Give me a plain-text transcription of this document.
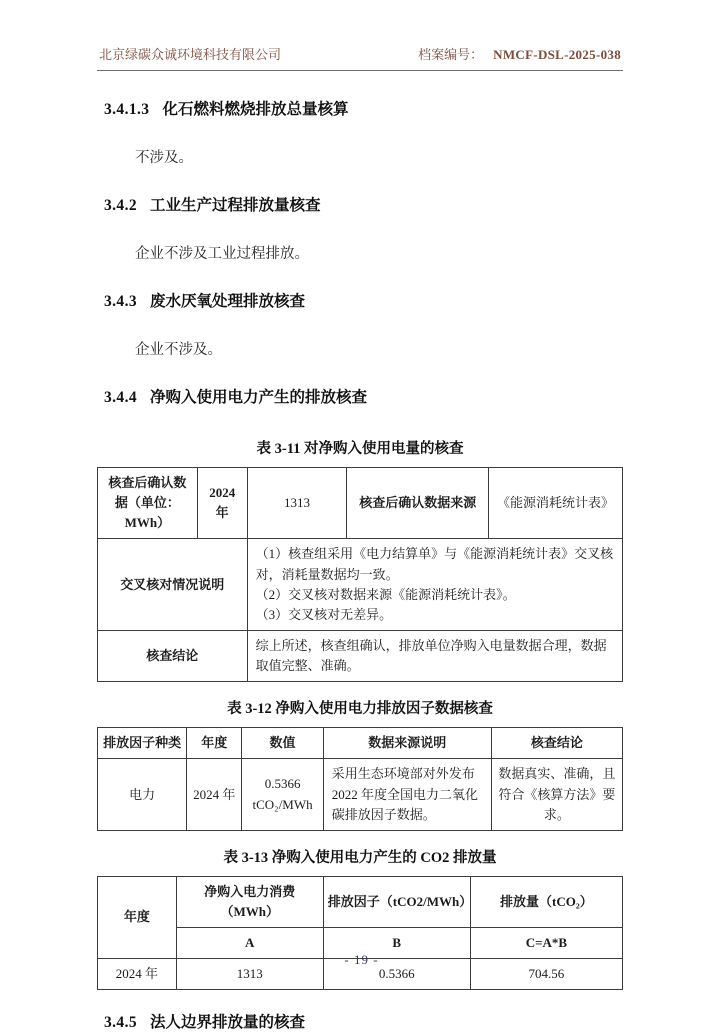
北京绿碳众诚环境科技有限公司	档案编号： NMCF-DSL-2025-038
3.4.1.3 化石燃料燃烧排放总量核算
不涉及。
3.4.2 工业生产过程排放量核查
企业不涉及工业过程排放。
3.4.3 废水厌氧处理排放核查
企业不涉及。
3.4.4 净购入使用电力产生的排放核查
表 3-11 对净购入使用电量的核查
核查后确认数据（单位：MWh）	2024 年	1313	核查后确认数据来源	《能源消耗统计表》
交叉核对情况说明		（1）核查组采用《电力结算单》与《能源消耗统计表》交叉核对，消耗量数据均一致。
（2）交叉核对数据来源《能源消耗统计表》。
（3）交叉核对无差异。		

核查结论		综上所述，核查组确认，排放单位净购入电量数据合理，数据取值完整、准确。		
表 3-12 净购入使用电力排放因子数据核查
排放因子种类	年度	数值	数据来源说明	核查结论
电力	2024 年	0.5366 tCO₂/MWh	采用生态环境部对外发布 2022 年度全国电力二氧化碳排放因子数据。	数据真实、准确，且符合《核算方法》要求。
表 3-13 净购入使用电力产生的 CO2 排放量
年度	净购入电力消费（MWh）	排放因子（tCO2/MWh）	排放量（tCO₂）
	A	B	C=A*B
2024 年	1313	0.5366	704.56
3.4.5 法人边界排放量的核查
- 19 -
